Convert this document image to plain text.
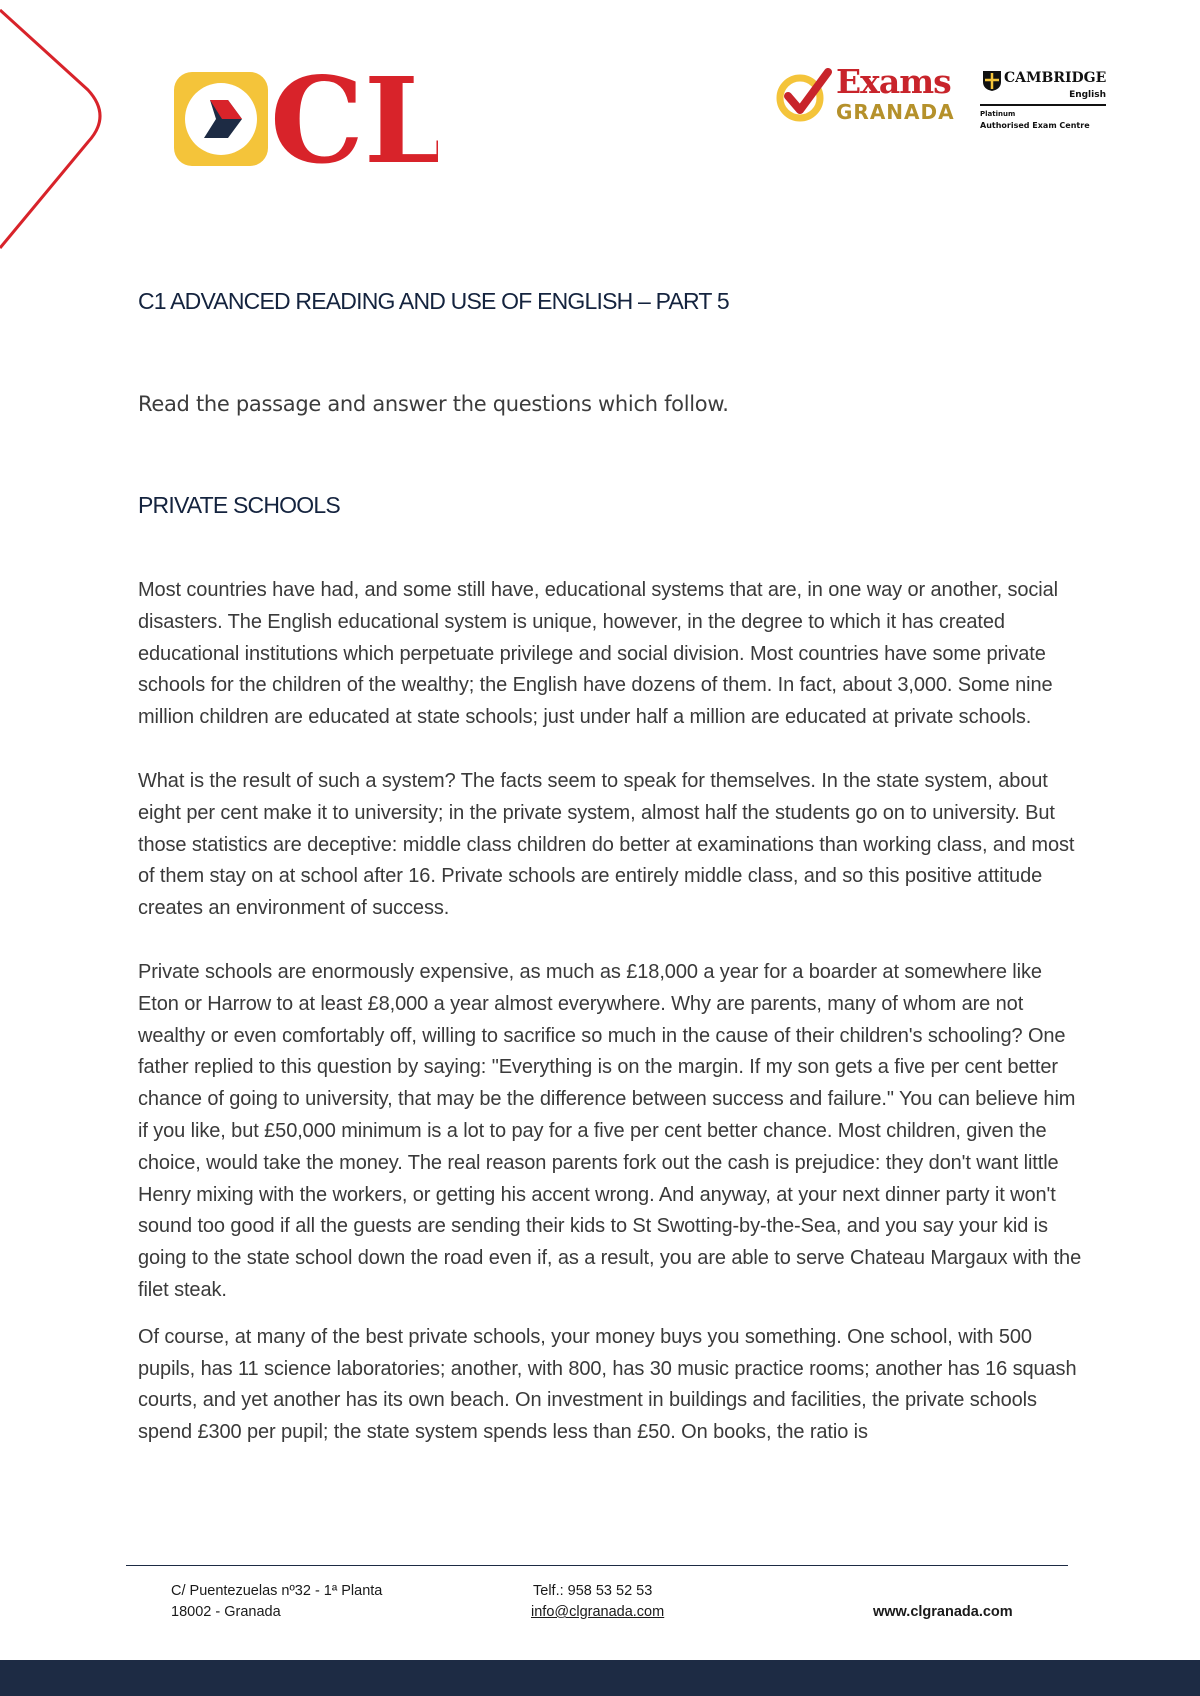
CL	Exams
GRANADA
CAMBRIDGE
English
Platinum
Authorised Exam Centre
C1 ADVANCED READING AND USE OF ENGLISH – PART 5

Read the passage and answer the questions which follow.

PRIVATE SCHOOLS

Most countries have had, and some still have, educational systems that are, in one way or another, social disasters. The English educational system is unique, however, in the degree to which it has created educational institutions which perpetuate privilege and social division. Most countries have some private schools for the children of the wealthy; the English have dozens of them. In fact, about 3,000. Some nine million children are educated at state schools; just under half a million are educated at private schools.

What is the result of such a system? The facts seem to speak for themselves. In the state system, about eight per cent make it to university; in the private system, almost half the students go on to university. But those statistics are deceptive: middle class children do better at examinations than working class, and most of them stay on at school after 16. Private schools are entirely middle class, and so this positive attitude creates an environment of success.

Private schools are enormously expensive, as much as £18,000 a year for a boarder at somewhere like Eton or Harrow to at least £8,000 a year almost everywhere. Why are parents, many of whom are not wealthy or even comfortably off, willing to sacrifice so much in the cause of their children's schooling? One father replied to this question by saying: "Everything is on the margin. If my son gets a five per cent better chance of going to university, that may be the difference between success and failure." You can believe him if you like, but £50,000 minimum is a lot to pay for a five per cent better chance. Most children, given the choice, would take the money. The real reason parents fork out the cash is prejudice: they don't want little Henry mixing with the workers, or getting his accent wrong. And anyway, at your next dinner party it won't sound too good if all the guests are sending their kids to St Swotting-by-the-Sea, and you say your kid is going to the state school down the road even if, as a result, you are able to serve Chateau Margaux with the filet steak.

Of course, at many of the best private schools, your money buys you something. One school, with 500 pupils, has 11 science laboratories; another, with 800, has 30 music practice rooms; another has 16 squash courts, and yet another has its own beach. On investment in buildings and facilities, the private schools spend £300 per pupil; the state system spends less than £50. On books, the ratio is

C/ Puentezuelas nº32 - 1ª Planta

18002 - Granada

Telf.: 958 53 52 53

info@clgranada.com	www.clgranada.com
